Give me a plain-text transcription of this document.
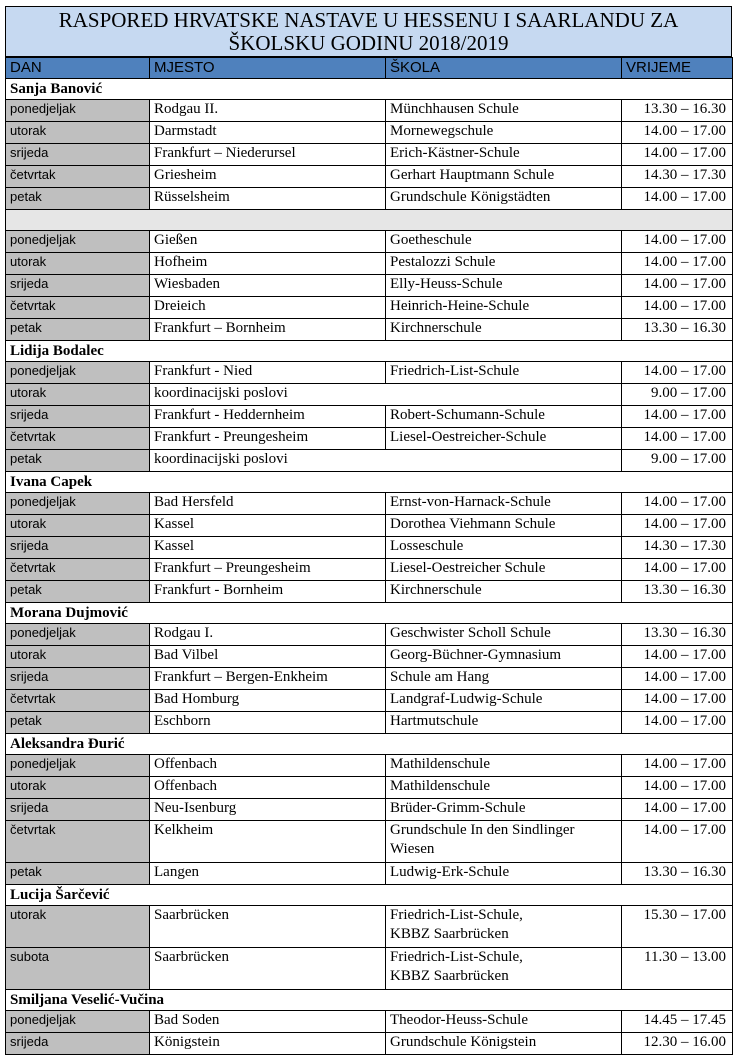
RASPORED HRVATSKE NASTAVE U HESSENU I SAARLANDU ZA
ŠKOLSKU GODINU 2018/2019
DAN	MJESTO	ŠKOLA	VRIJEME
Sanja Banović			
ponedjeljak	Rodgau II.	Münchhausen Schule	13.30 – 16.30
utorak	Darmstadt	Mornewegschule	14.00 – 17.00
srijeda	Frankfurt – Niederursel	Erich-Kästner-Schule	14.00 – 17.00
četvrtak	Griesheim	Gerhart Hauptmann Schule	14.30 – 17.30
petak	Rüsselsheim	Grundschule Königstädten	14.00 – 17.00

ponedjeljak	Gießen	Goetheschule	14.00 – 17.00
utorak	Hofheim	Pestalozzi Schule	14.00 – 17.00
srijeda	Wiesbaden	Elly-Heuss-Schule	14.00 – 17.00
četvrtak	Dreieich	Heinrich-Heine-Schule	14.00 – 17.00
petak	Frankfurt – Bornheim	Kirchnerschule	13.30 – 16.30
Lidija Bodalec			
ponedjeljak	Frankfurt - Nied	Friedrich-List-Schule	14.00 – 17.00
utorak	koordinacijski poslovi		9.00 – 17.00
srijeda	Frankfurt - Heddernheim	Robert-Schumann-Schule	14.00 – 17.00
četvrtak	Frankfurt - Preungesheim	Liesel-Oestreicher-Schule	14.00 – 17.00
petak	koordinacijski poslovi		9.00 – 17.00
Ivana Capek			
ponedjeljak	Bad Hersfeld	Ernst-von-Harnack-Schule	14.00 – 17.00
utorak	Kassel	Dorothea Viehmann Schule	14.00 – 17.00
srijeda	Kassel	Losseschule	14.30 – 17.30
četvrtak	Frankfurt – Preungesheim	Liesel-Oestreicher Schule	14.00 – 17.00
petak	Frankfurt - Bornheim	Kirchnerschule	13.30 – 16.30
Morana Dujmović			
ponedjeljak	Rodgau I.	Geschwister Scholl Schule	13.30 – 16.30
utorak	Bad Vilbel	Georg-Büchner-Gymnasium	14.00 – 17.00
srijeda	Frankfurt – Bergen-Enkheim	Schule am Hang	14.00 – 17.00
četvrtak	Bad Homburg	Landgraf-Ludwig-Schule	14.00 – 17.00
petak	Eschborn	Hartmutschule	14.00 – 17.00
Aleksandra Đurić			
ponedjeljak	Offenbach	Mathildenschule	14.00 – 17.00
utorak	Offenbach	Mathildenschule	14.00 – 17.00
srijeda	Neu-Isenburg	Brüder-Grimm-Schule	14.00 – 17.00
četvrtak	Kelkheim	Grundschule In den Sindlinger
Wiesen	14.00 – 17.00
petak	Langen	Ludwig-Erk-Schule	13.30 – 16.30
Lucija Šarčević			
utorak	Saarbrücken	Friedrich-List-Schule,
KBBZ Saarbrücken	15.30 – 17.00
subota	Saarbrücken	Friedrich-List-Schule,
KBBZ Saarbrücken	11.30 – 13.00
Smiljana Veselić-Vučina			
ponedjeljak	Bad Soden	Theodor-Heuss-Schule	14.45 – 17.45
srijeda	Königstein	Grundschule Königstein	12.30 – 16.00
